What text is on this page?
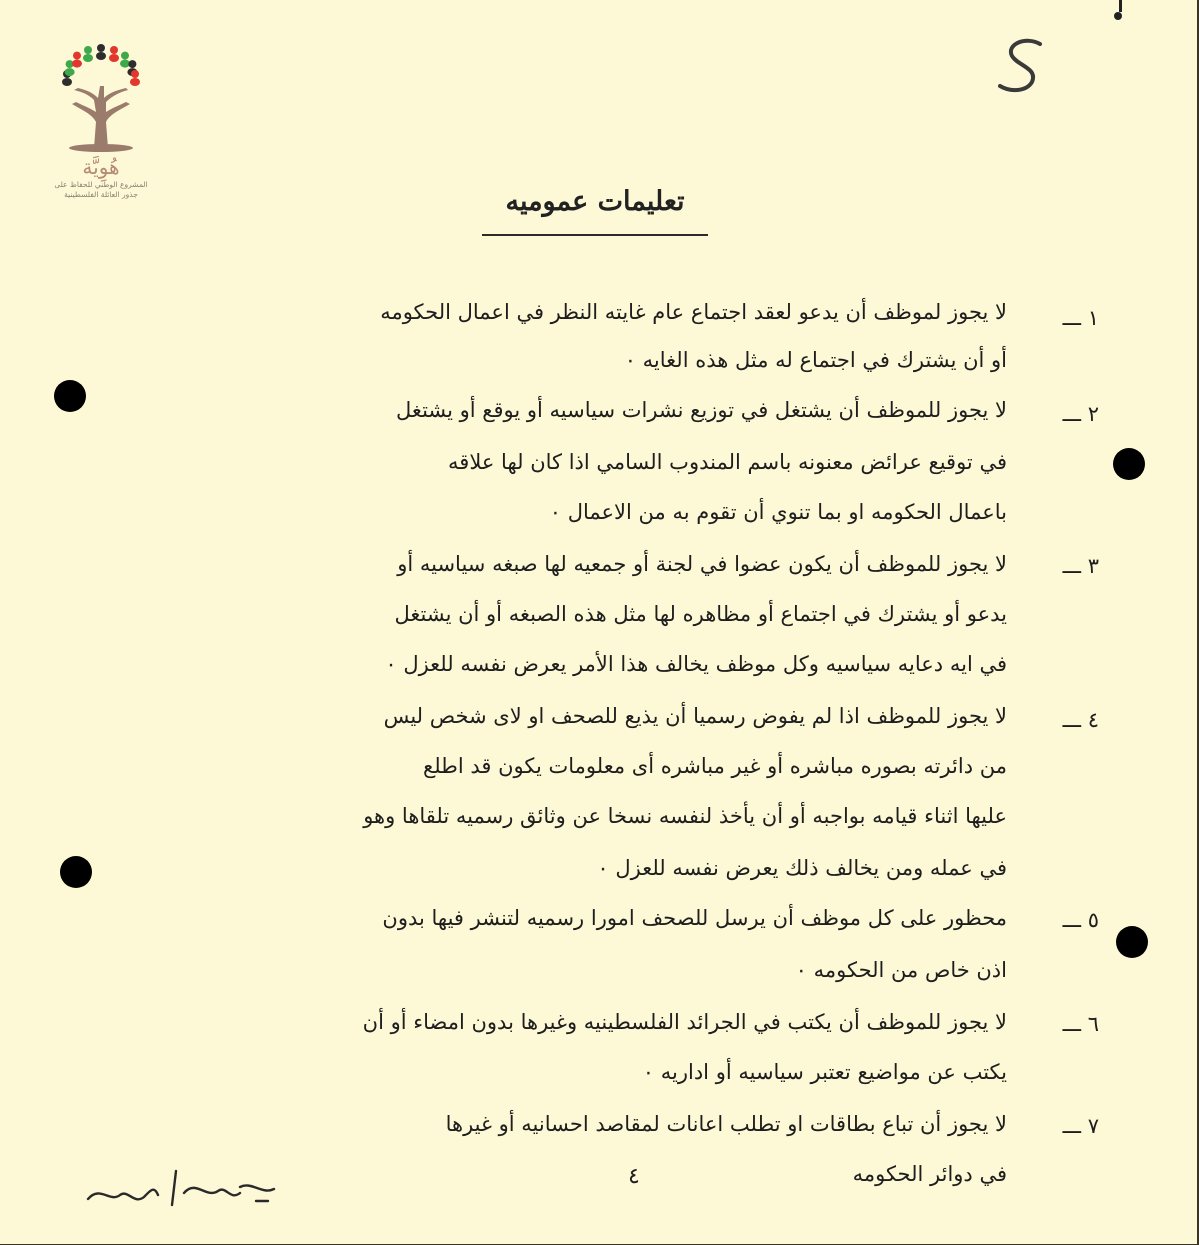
هُوِيَّة
المشروع الوطني للحفاظ على
جذور العائلة الفلسطينية
S
تعليمات عموميه
١ ـــ
٢ ـــ
٣ ـــ
٤ ـــ
٥ ـــ
٦ ـــ
٧ ـــ
لا يجوز لموظف أن يدعو لعقد اجتماع عام غايته النظر في اعمال الحكومه
أو أن يشترك في اجتماع له مثل هذه الغايه ٠
لا يجوز للموظف أن يشتغل في توزيع نشرات سياسيه أو يوقع أو يشتغل
في توقيع عرائض معنونه باسم المندوب السامي اذا كان لها علاقه
باعمال الحكومه او بما تنوي أن تقوم به من الاعمال ٠
لا يجوز للموظف أن يكون عضوا في لجنة أو جمعيه لها صبغه سياسيه أو
يدعو أو يشترك في اجتماع أو مظاهره لها مثل هذه الصبغه أو أن يشتغل
في ايه دعايه سياسيه وكل موظف يخالف هذا الأمر يعرض نفسه للعزل ٠
لا يجوز للموظف اذا لم يفوض رسميا أن يذيع للصحف او لاى شخص ليس
من دائرته بصوره مباشره أو غير مباشره أى معلومات يكون قد اطلع
عليها اثناء قيامه بواجبه أو أن يأخذ لنفسه نسخا عن وثائق رسميه تلقاها وهو
في عمله ومن يخالف ذلك يعرض نفسه للعزل ٠
محظور على كل موظف أن يرسل للصحف امورا رسميه لتنشر فيها بدون
اذن خاص من الحكومه ٠
لا يجوز للموظف أن يكتب في الجرائد الفلسطينيه وغيرها بدون امضاء أو أن
يكتب عن مواضيع تعتبر سياسيه أو اداريه ٠
لا يجوز أن تباع بطاقات او تطلب اعانات لمقاصد احسانيه أو غيرها
في دوائر الحكومه
٤
